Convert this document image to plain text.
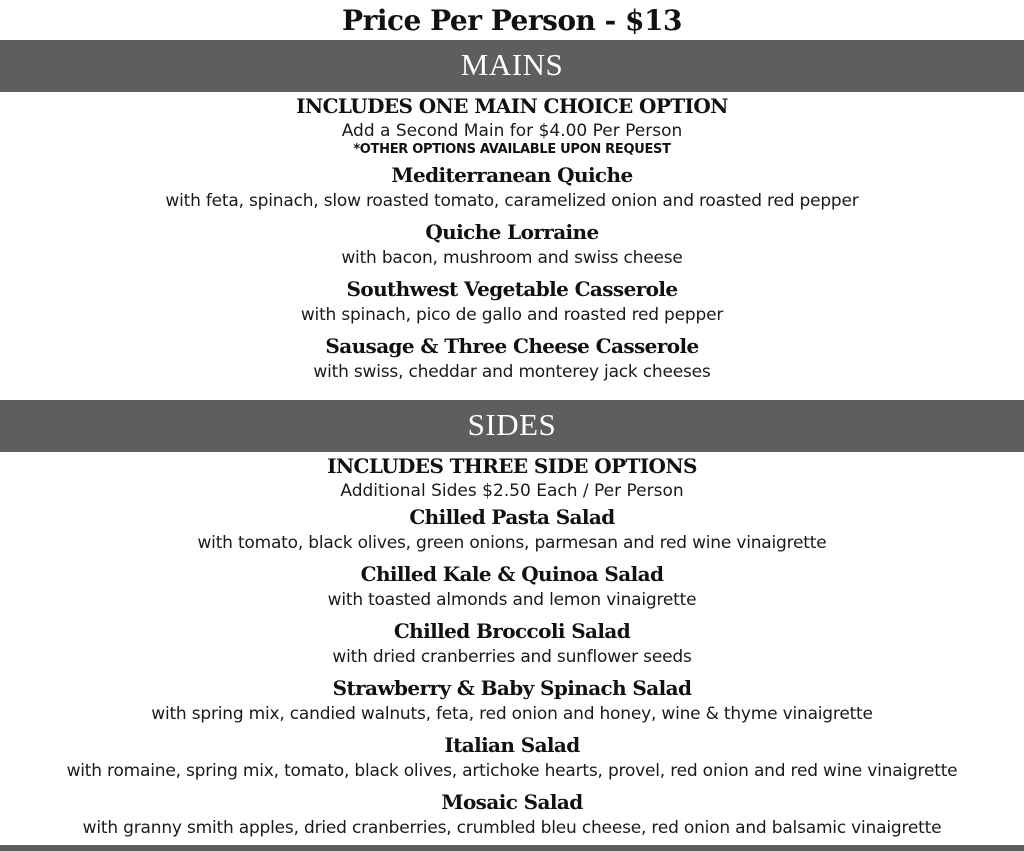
Price Per Person - $13
MAINS
INCLUDES ONE MAIN CHOICE OPTION
Add a Second Main for $4.00 Per Person
*OTHER OPTIONS AVAILABLE UPON REQUEST
Mediterranean Quiche
with feta, spinach, slow roasted tomato, caramelized onion and roasted red pepper
Quiche Lorraine
with bacon, mushroom and swiss cheese
Southwest Vegetable Casserole
with spinach, pico de gallo and roasted red pepper
Sausage & Three Cheese Casserole
with swiss, cheddar and monterey jack cheeses
SIDES
INCLUDES THREE SIDE OPTIONS
Additional Sides $2.50 Each / Per Person
Chilled Pasta Salad
with tomato, black olives, green onions, parmesan and red wine vinaigrette
Chilled Kale & Quinoa Salad
with toasted almonds and lemon vinaigrette
Chilled Broccoli Salad
with dried cranberries and sunflower seeds
Strawberry & Baby Spinach Salad
with spring mix, candied walnuts, feta, red onion and honey, wine & thyme vinaigrette
Italian Salad
with romaine, spring mix, tomato, black olives, artichoke hearts, provel, red onion and red wine vinaigrette
Mosaic Salad
with granny smith apples, dried cranberries, crumbled bleu cheese, red onion and balsamic vinaigrette
